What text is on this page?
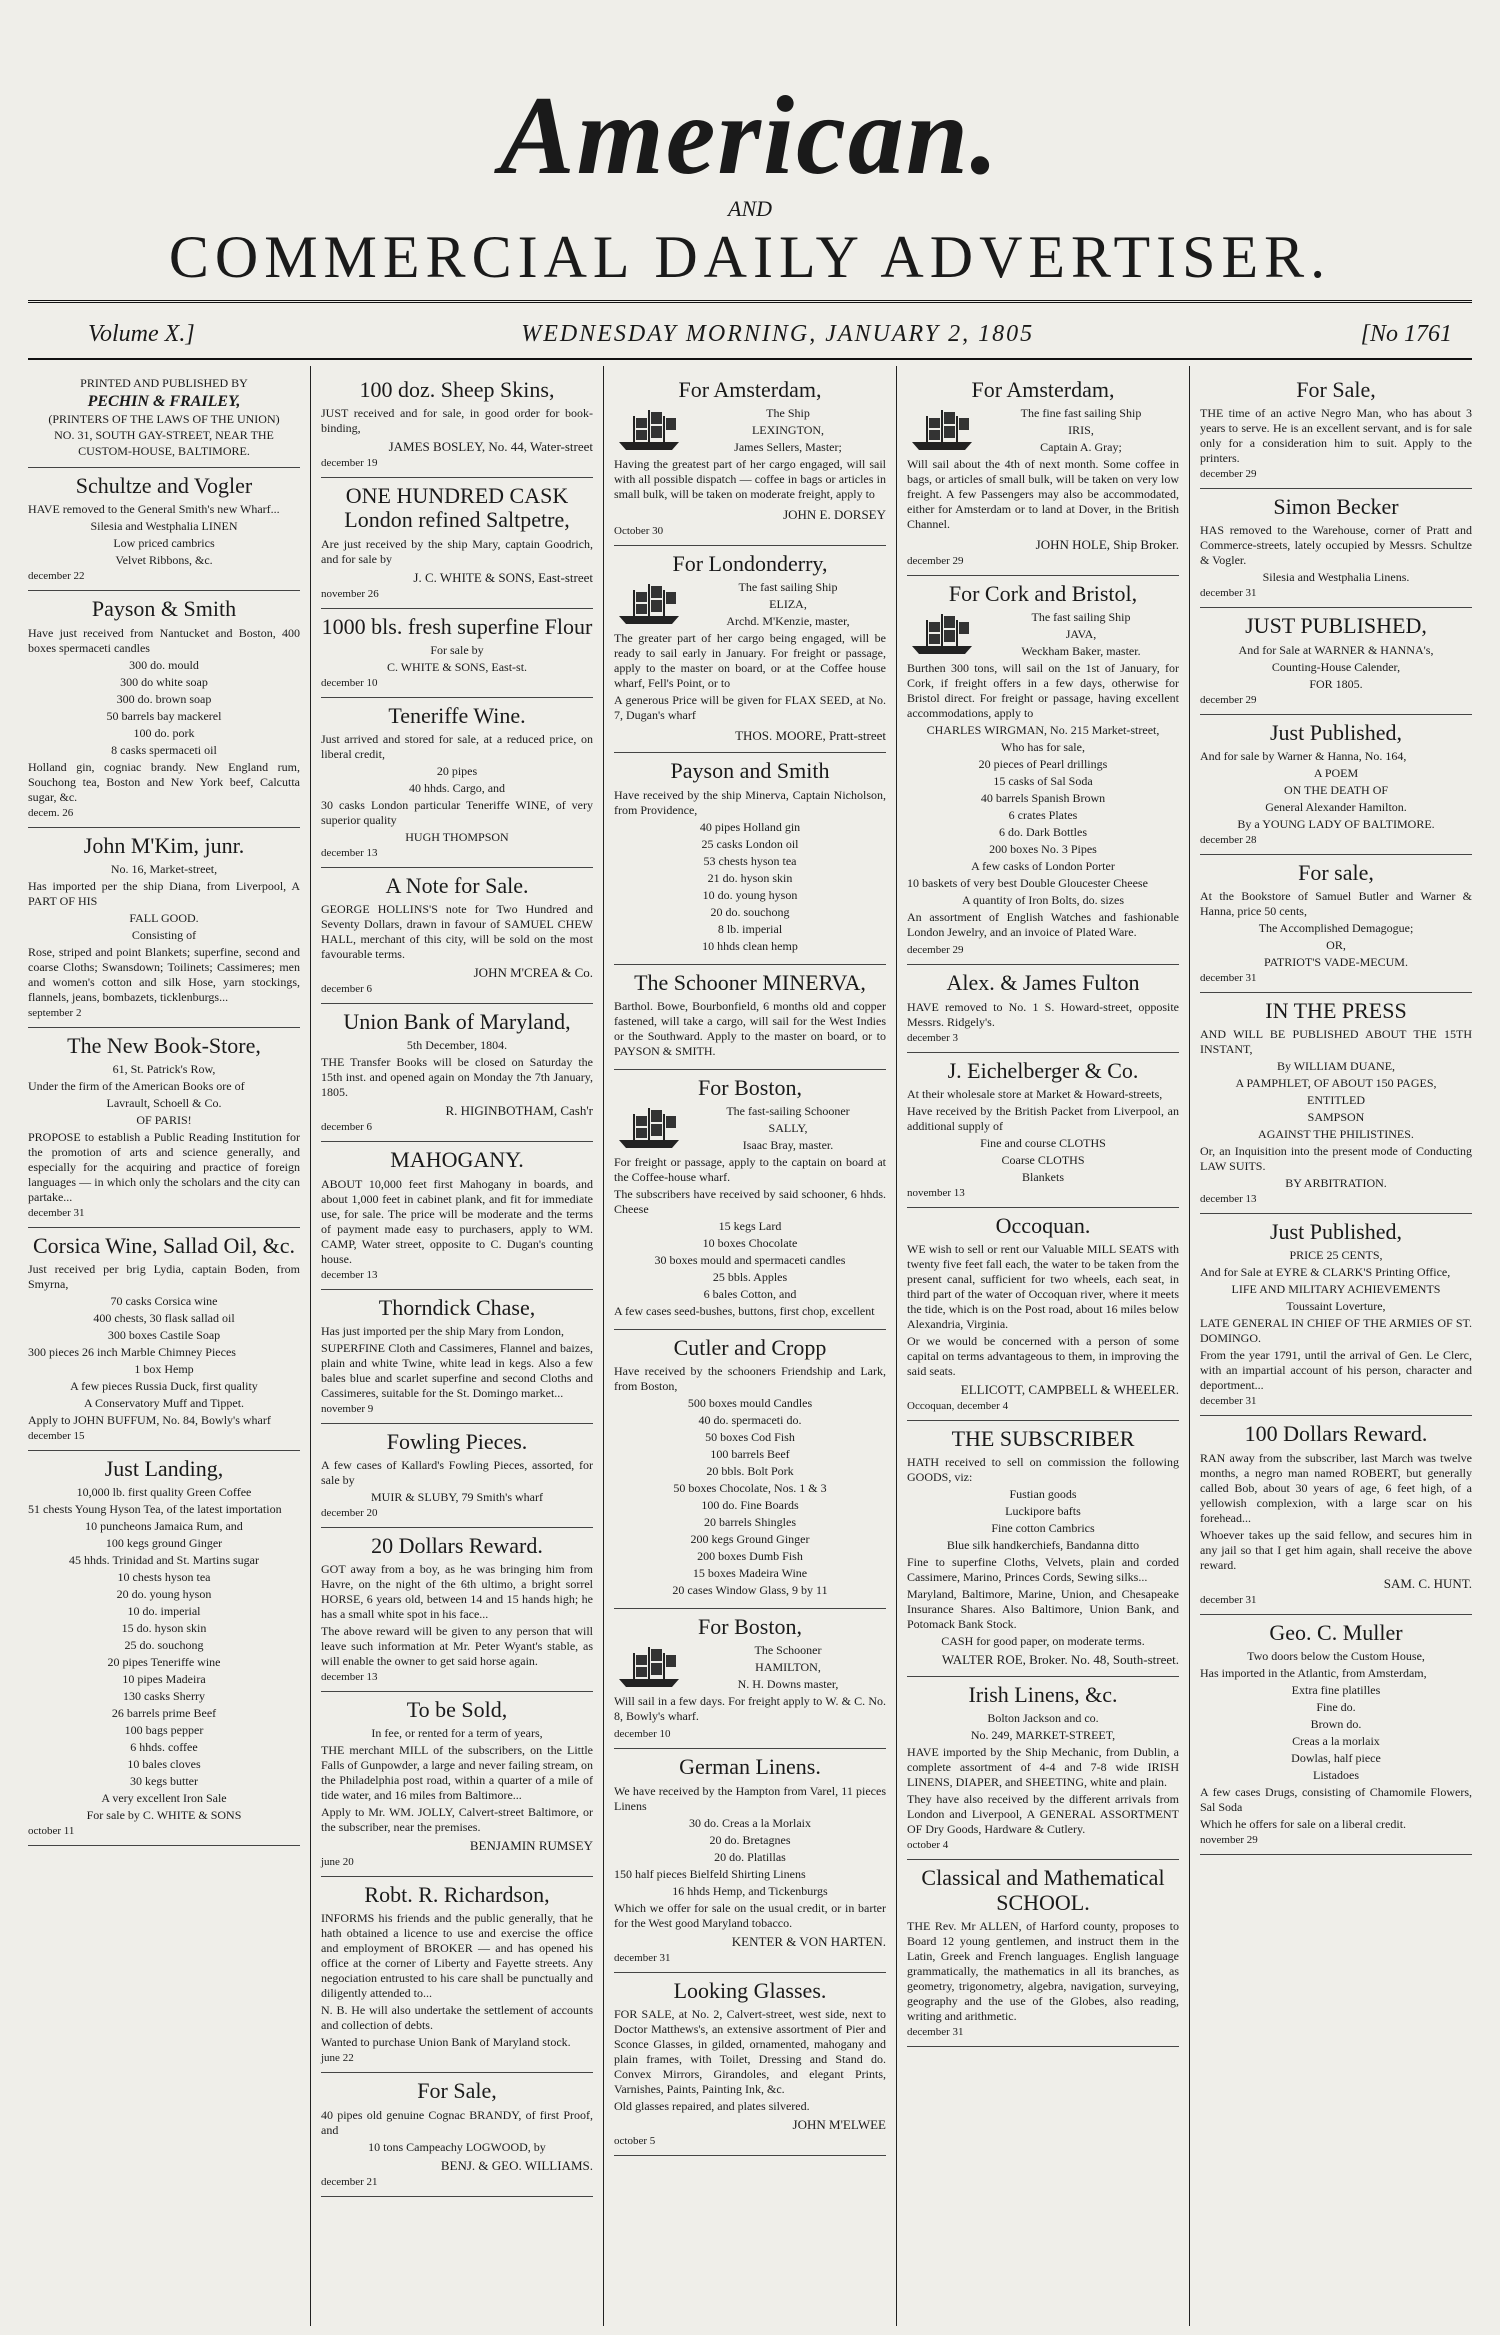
American.
AND
COMMERCIAL DAILY ADVERTISER.
Volume X.]	WEDNESDAY MORNING, JANUARY 2, 1805	[No 1761
PRINTED AND PUBLISHED BY
PECHIN & FRAILEY,
(PRINTERS OF THE LAWS OF THE UNION)
NO. 31, SOUTH GAY-STREET, NEAR THE CUSTOM-HOUSE, BALTIMORE.
Schultze and Vogler

HAVE removed to the General Smith's new Wharf...

Silesia and Westphalia LINEN

Low priced cambrics

Velvet Ribbons, &c.

december 22

Payson & Smith

Have just received from Nantucket and Boston, 400 boxes spermaceti candles

300 do. mould

300 do white soap

300 do. brown soap

50 barrels bay mackerel

100 do. pork

8 casks spermaceti oil

Holland gin, cogniac brandy. New England rum, Souchong tea, Boston and New York beef, Calcutta sugar, &c.

decem. 26

John M'Kim, junr.

No. 16, Market-street,

Has imported per the ship Diana, from Liverpool, A PART OF HIS

FALL GOOD.

Consisting of

Rose, striped and point Blankets; superfine, second and coarse Cloths; Swansdown; Toilinets; Cassimeres; men and women's cotton and silk Hose, yarn stockings, flannels, jeans, bombazets, ticklenburgs...

september 2

The New Book-Store,

61, St. Patrick's Row,

Under the firm of the American Books ore of

Lavrault, Schoell & Co.

OF PARIS!

PROPOSE to establish a Public Reading Institution for the promotion of arts and science generally, and especially for the acquiring and practice of foreign languages — in which only the scholars and the city can partake...

december 31

Corsica Wine, Sallad Oil, &c.

Just received per brig Lydia, captain Boden, from Smyrna,

70 casks Corsica wine

400 chests, 30 flask sallad oil

300 boxes Castile Soap

300 pieces 26 inch Marble Chimney Pieces

1 box Hemp

A few pieces Russia Duck, first quality

A Conservatory Muff and Tippet.

Apply to JOHN BUFFUM, No. 84, Bowly's wharf

december 15

Just Landing,

10,000 lb. first quality Green Coffee

51 chests Young Hyson Tea, of the latest importation

10 puncheons Jamaica Rum, and

100 kegs ground Ginger

45 hhds. Trinidad and St. Martins sugar

10 chests hyson tea

20 do. young hyson

10 do. imperial

15 do. hyson skin

25 do. souchong

20 pipes Teneriffe wine

10 pipes Madeira

130 casks Sherry

26 barrels prime Beef

100 bags pepper

6 hhds. coffee

10 bales cloves

30 kegs butter

A very excellent Iron Sale

For sale by C. WHITE & SONS

october 11

100 doz. Sheep Skins,

JUST received and for sale, in good order for book-binding,

JAMES BOSLEY, No. 44, Water-street

december 19

ONE HUNDRED CASK London refined Saltpetre,

Are just received by the ship Mary, captain Goodrich, and for sale by

J. C. WHITE & SONS, East-street

november 26

1000 bls. fresh superfine Flour

For sale by

C. WHITE & SONS, East-st.

december 10

Teneriffe Wine.

Just arrived and stored for sale, at a reduced price, on liberal credit,

20 pipes

40 hhds. Cargo, and

30 casks London particular Teneriffe WINE, of very superior quality

HUGH THOMPSON

december 13

A Note for Sale.

GEORGE HOLLINS'S note for Two Hundred and Seventy Dollars, drawn in favour of SAMUEL CHEW HALL, merchant of this city, will be sold on the most favourable terms.

JOHN M'CREA & Co.

december 6

Union Bank of Maryland,

5th December, 1804.

THE Transfer Books will be closed on Saturday the 15th inst. and opened again on Monday the 7th January, 1805.

R. HIGINBOTHAM, Cash'r

december 6

MAHOGANY.

ABOUT 10,000 feet first Mahogany in boards, and about 1,000 feet in cabinet plank, and fit for immediate use, for sale. The price will be moderate and the terms of payment made easy to purchasers, apply to WM. CAMP, Water street, opposite to C. Dugan's counting house.

december 13

Thorndick Chase,

Has just imported per the ship Mary from London,

SUPERFINE Cloth and Cassimeres, Flannel and baizes, plain and white Twine, white lead in kegs. Also a few bales blue and scarlet superfine and second Cloths and Cassimeres, suitable for the St. Domingo market...

november 9

Fowling Pieces.

A few cases of Kallard's Fowling Pieces, assorted, for sale by

MUIR & SLUBY, 79 Smith's wharf

december 20

20 Dollars Reward.

GOT away from a boy, as he was bringing him from Havre, on the night of the 6th ultimo, a bright sorrel HORSE, 6 years old, between 14 and 15 hands high; he has a small white spot in his face...

The above reward will be given to any person that will leave such information at Mr. Peter Wyant's stable, as will enable the owner to get said horse again.

december 13

To be Sold,

In fee, or rented for a term of years,

THE merchant MILL of the subscribers, on the Little Falls of Gunpowder, a large and never failing stream, on the Philadelphia post road, within a quarter of a mile of tide water, and 16 miles from Baltimore...

Apply to Mr. WM. JOLLY, Calvert-street Baltimore, or the subscriber, near the premises.

BENJAMIN RUMSEY

june 20

Robt. R. Richardson,

INFORMS his friends and the public generally, that he hath obtained a licence to use and exercise the office and employment of BROKER — and has opened his office at the corner of Liberty and Fayette streets. Any negociation entrusted to his care shall be punctually and diligently attended to...

N. B. He will also undertake the settlement of accounts and collection of debts.

Wanted to purchase Union Bank of Maryland stock.

june 22

For Sale,

40 pipes old genuine Cognac BRANDY, of first Proof, and

10 tons Campeachy LOGWOOD, by

BENJ. & GEO. WILLIAMS.

december 21

For Amsterdam,

The Ship

LEXINGTON,

James Sellers, Master;

Having the greatest part of her cargo engaged, will sail with all possible dispatch — coffee in bags or articles in small bulk, will be taken on moderate freight, apply to

JOHN E. DORSEY

October 30

For Londonderry,

The fast sailing Ship

ELIZA,

Archd. M'Kenzie, master,

The greater part of her cargo being engaged, will be ready to sail early in January. For freight or passage, apply to the master on board, or at the Coffee house wharf, Fell's Point, or to

A generous Price will be given for FLAX SEED, at No. 7, Dugan's wharf

THOS. MOORE, Pratt-street

Payson and Smith

Have received by the ship Minerva, Captain Nicholson, from Providence,

40 pipes Holland gin

25 casks London oil

53 chests hyson tea

21 do. hyson skin

10 do. young hyson

20 do. souchong

8 lb. imperial

10 hhds clean hemp

The Schooner MINERVA,

Barthol. Bowe, Bourbonfield, 6 months old and copper fastened, will take a cargo, will sail for the West Indies or the Southward. Apply to the master on board, or to PAYSON & SMITH.

For Boston,

The fast-sailing Schooner

SALLY,

Isaac Bray, master.

For freight or passage, apply to the captain on board at the Coffee-house wharf.

The subscribers have received by said schooner, 6 hhds. Cheese

15 kegs Lard

10 boxes Chocolate

30 boxes mould and spermaceti candles

25 bbls. Apples

6 bales Cotton, and

A few cases seed-bushes, buttons, first chop, excellent

Cutler and Cropp

Have received by the schooners Friendship and Lark, from Boston,

500 boxes mould Candles

40 do. spermaceti do.

50 boxes Cod Fish

100 barrels Beef

20 bbls. Bolt Pork

50 boxes Chocolate, Nos. 1 & 3

100 do. Fine Boards

20 barrels Shingles

200 kegs Ground Ginger

200 boxes Dumb Fish

15 boxes Madeira Wine

20 cases Window Glass, 9 by 11

For Boston,

The Schooner

HAMILTON,

N. H. Downs master,

Will sail in a few days. For freight apply to W. & C. No. 8, Bowly's wharf.

december 10

German Linens.

We have received by the Hampton from Varel, 11 pieces Linens

30 do. Creas a la Morlaix

20 do. Bretagnes

20 do. Platillas

150 half pieces Bielfeld Shirting Linens

16 hhds Hemp, and Tickenburgs

Which we offer for sale on the usual credit, or in barter for the West good Maryland tobacco.

KENTER & VON HARTEN.

december 31

Looking Glasses.

FOR SALE, at No. 2, Calvert-street, west side, next to Doctor Matthews's, an extensive assortment of Pier and Sconce Glasses, in gilded, ornamented, mahogany and plain frames, with Toilet, Dressing and Stand do. Convex Mirrors, Girandoles, and elegant Prints, Varnishes, Paints, Painting Ink, &c.

Old glasses repaired, and plates silvered.

JOHN M'ELWEE

october 5

For Amsterdam,

The fine fast sailing Ship

IRIS,

Captain A. Gray;

Will sail about the 4th of next month. Some coffee in bags, or articles of small bulk, will be taken on very low freight. A few Passengers may also be accommodated, either for Amsterdam or to land at Dover, in the British Channel.

JOHN HOLE, Ship Broker.

december 29

For Cork and Bristol,

The fast sailing Ship

JAVA,

Weckham Baker, master.

Burthen 300 tons, will sail on the 1st of January, for Cork, if freight offers in a few days, otherwise for Bristol direct. For freight or passage, having excellent accommodations, apply to

CHARLES WIRGMAN, No. 215 Market-street,

Who has for sale,

20 pieces of Pearl drillings

15 casks of Sal Soda

40 barrels Spanish Brown

6 crates Plates

6 do. Dark Bottles

200 boxes No. 3 Pipes

A few casks of London Porter

10 baskets of very best Double Gloucester Cheese

A quantity of Iron Bolts, do. sizes

An assortment of English Watches and fashionable London Jewelry, and an invoice of Plated Ware.

december 29

Alex. & James Fulton

HAVE removed to No. 1 S. Howard-street, opposite Messrs. Ridgely's.

december 3

J. Eichelberger & Co.

At their wholesale store at Market & Howard-streets,

Have received by the British Packet from Liverpool, an additional supply of

Fine and course CLOTHS

Coarse CLOTHS

Blankets

november 13

Occoquan.

WE wish to sell or rent our Valuable MILL SEATS with twenty five feet fall each, the water to be taken from the present canal, sufficient for two wheels, each seat, in third part of the water of Occoquan river, where it meets the tide, which is on the Post road, about 16 miles below Alexandria, Virginia.

Or we would be concerned with a person of some capital on terms advantageous to them, in improving the said seats.

ELLICOTT, CAMPBELL & WHEELER.

Occoquan, december 4

THE SUBSCRIBER

HATH received to sell on commission the following GOODS, viz:

Fustian goods

Luckipore bafts

Fine cotton Cambrics

Blue silk handkerchiefs, Bandanna ditto

Fine to superfine Cloths, Velvets, plain and corded Cassimere, Marino, Princes Cords, Sewing silks...

Maryland, Baltimore, Marine, Union, and Chesapeake Insurance Shares. Also Baltimore, Union Bank, and Potomack Bank Stock.

CASH for good paper, on moderate terms.

WALTER ROE, Broker. No. 48, South-street.

Irish Linens, &c.

Bolton Jackson and co.

No. 249, MARKET-STREET,

HAVE imported by the Ship Mechanic, from Dublin, a complete assortment of 4-4 and 7-8 wide IRISH LINENS, DIAPER, and SHEETING, white and plain.

They have also received by the different arrivals from London and Liverpool, A GENERAL ASSORTMENT OF Dry Goods, Hardware & Cutlery.

october 4

Classical and Mathematical SCHOOL.

THE Rev. Mr ALLEN, of Harford county, proposes to Board 12 young gentlemen, and instruct them in the Latin, Greek and French languages. English language grammatically, the mathematics in all its branches, as geometry, trigonometry, algebra, navigation, surveying, geography and the use of the Globes, also reading, writing and arithmetic.

december 31

For Sale,

THE time of an active Negro Man, who has about 3 years to serve. He is an excellent servant, and is for sale only for a consideration him to suit. Apply to the printers.

december 29

Simon Becker

HAS removed to the Warehouse, corner of Pratt and Commerce-streets, lately occupied by Messrs. Schultze & Vogler.

Silesia and Westphalia Linens.

december 31

JUST PUBLISHED,

And for Sale at WARNER & HANNA's,

Counting-House Calender,

FOR 1805.

december 29

Just Published,

And for sale by Warner & Hanna, No. 164,

A POEM

ON THE DEATH OF

General Alexander Hamilton.

By a YOUNG LADY OF BALTIMORE.

december 28

For sale,

At the Bookstore of Samuel Butler and Warner & Hanna, price 50 cents,

The Accomplished Demagogue;

OR,

PATRIOT'S VADE-MECUM.

december 31

IN THE PRESS

AND WILL BE PUBLISHED ABOUT THE 15TH INSTANT,

By WILLIAM DUANE,

A PAMPHLET, OF ABOUT 150 PAGES,

ENTITLED

SAMPSON

AGAINST THE PHILISTINES.

Or, an Inquisition into the present mode of Conducting LAW SUITS.

BY ARBITRATION.

december 13

Just Published,

PRICE 25 CENTS,

And for Sale at EYRE & CLARK'S Printing Office,

LIFE AND MILITARY ACHIEVEMENTS

Toussaint Loverture,

LATE GENERAL IN CHIEF OF THE ARMIES OF ST. DOMINGO.

From the year 1791, until the arrival of Gen. Le Clerc, with an impartial account of his person, character and deportment...

december 31

100 Dollars Reward.

RAN away from the subscriber, last March was twelve months, a negro man named ROBERT, but generally called Bob, about 30 years of age, 6 feet high, of a yellowish complexion, with a large scar on his forehead...

Whoever takes up the said fellow, and secures him in any jail so that I get him again, shall receive the above reward.

SAM. C. HUNT.

december 31

Geo. C. Muller

Two doors below the Custom House,

Has imported in the Atlantic, from Amsterdam,

Extra fine platilles

Fine do.

Brown do.

Creas a la morlaix

Dowlas, half piece

Listadoes

A few cases Drugs, consisting of Chamomile Flowers, Sal Soda

Which he offers for sale on a liberal credit.

november 29
